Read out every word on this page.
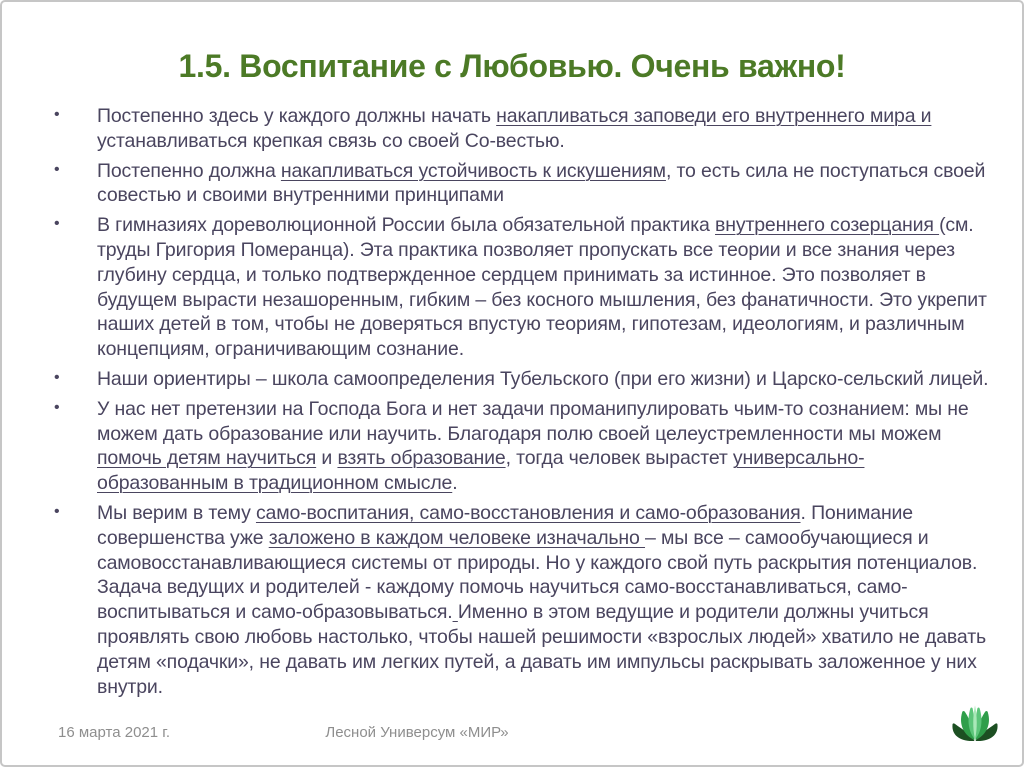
1.5. Воспитание с Любовью. Очень важно!
• Постепенно здесь у каждого должны начать накапливаться заповеди его внутреннего мира и устанавливаться крепкая связь со своей Со-вестью.
• Постепенно должна накапливаться устойчивость к искушениям, то есть сила не поступаться своей совестью и своими внутренними принципами
• В гимназиях дореволюционной России была обязательной практика внутреннего созерцания (см. труды Григория Померанца). Эта практика позволяет пропускать все теории и все знания через глубину сердца, и только подтвержденное сердцем принимать за истинное. Это позволяет в будущем вырасти незашоренным, гибким – без косного мышления, без фанатичности. Это укрепит наших детей в том, чтобы не доверяться впустую теориям, гипотезам, идеологиям, и различным концепциям, ограничивающим сознание.
• Наши ориентиры – школа самоопределения Тубельского (при его жизни) и Царско-сельский лицей.
• У нас нет претензии на Господа Бога и нет задачи проманипулировать чьим-то сознанием: мы не можем дать образование или научить. Благодаря полю своей целеустремленности мы можем помочь детям научиться и взять образование, тогда человек вырастет универсально-образованным в традиционном смысле.
• Мы верим в тему само-воспитания, само-восстановления и само-образования. Понимание совершенства уже заложено в каждом человеке изначально – мы все – самообучающиеся и самовосстанавливающиеся системы от природы. Но у каждого свой путь раскрытия потенциалов. Задача ведущих и родителей - каждому помочь научиться само-восстанавливаться, само-воспитываться и само-образовываться. Именно в этом ведущие и родители должны учиться проявлять свою любовь настолько, чтобы нашей решимости «взрослых людей» хватило не давать детям «подачки», не давать им легких путей, а давать им импульсы раскрывать заложенное у них внутри.
16 марта 2021 г.	Лесной Универсум «МИР»
